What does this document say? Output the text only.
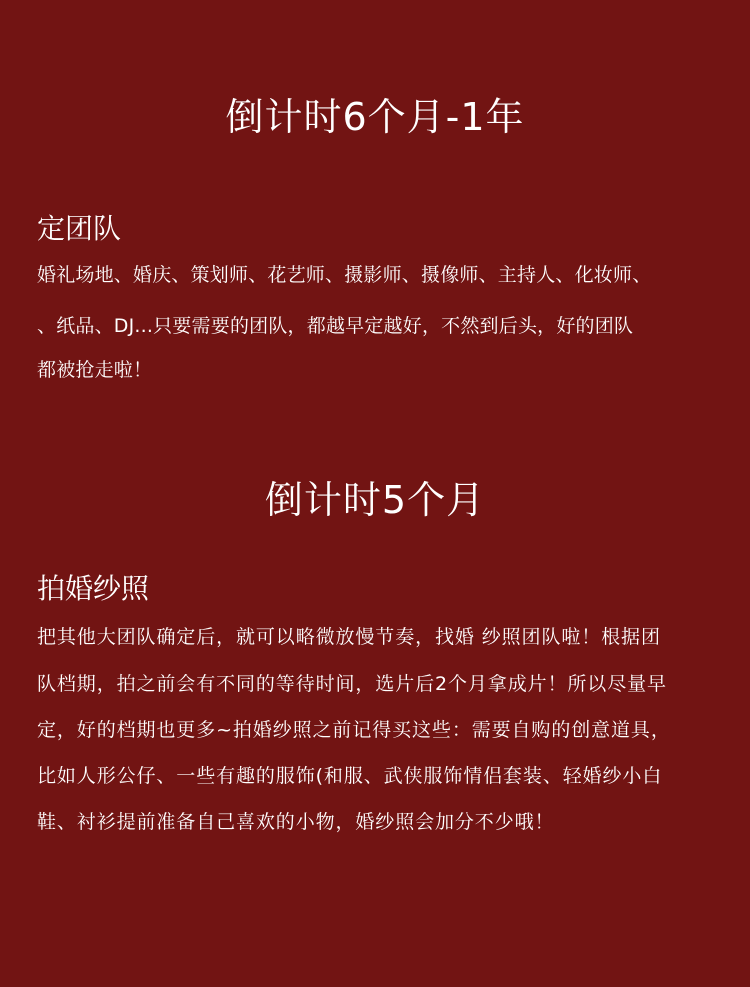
倒计时6个月-1年
定团队
婚礼场地、婚庆、策划师、花艺师、摄影师、摄像师、主持人、化妆师、
、纸品、DJ...只要需要的团队，都越早定越好，不然到后头，好的团队
都被抢走啦！
倒计时5个月
拍婚纱照
把其他大团队确定后，就可以略微放慢节奏，找婚 纱照团队啦！根据团
队档期，拍之前会有不同的等待时间，选片后2个月拿成片！所以尽量早
定，好的档期也更多~拍婚纱照之前记得买这些：需要自购的创意道具，
比如人形公仔、一些有趣的服饰(和服、武侠服饰情侣套装、轻婚纱小白
鞋、衬衫提前准备自己喜欢的小物，婚纱照会加分不少哦！
